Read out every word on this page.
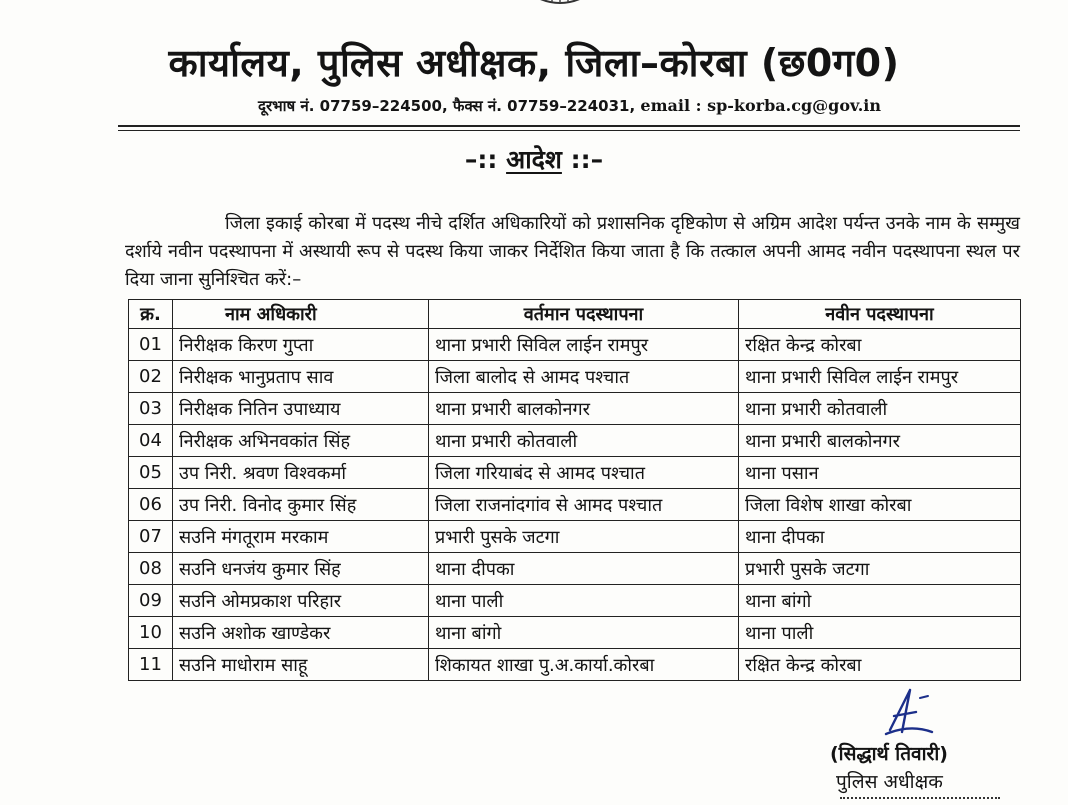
कार्यालय, पुलिस अधीक्षक, जिला–कोरबा (छ0ग0)
दूरभाष नं. 07759–224500, फैक्स नं. 07759–224031, email : sp-korba.cg@gov.in
–:: आदेश ::–
जिला इकाई कोरबा में पदस्थ नीचे दर्शित अधिकारियों को प्रशासनिक दृष्टिकोण से अग्रिम आदेश पर्यन्त उनके नाम के सम्मुख दर्शाये नवीन पदस्थापना में अस्थायी रूप से पदस्थ किया जाकर निर्देशित किया जाता है कि तत्काल अपनी आमद नवीन पदस्थापना स्थल पर दिया जाना सुनिश्चित करें:–
क्र.	नाम अधिकारी	वर्तमान पदस्थापना	नवीन पदस्थापना
01	निरीक्षक किरण गुप्ता	थाना प्रभारी सिविल लाईन रामपुर	रक्षित केन्द्र कोरबा
02	निरीक्षक भानुप्रताप साव	जिला बालोद से आमद पश्चात	थाना प्रभारी सिविल लाईन रामपुर
03	निरीक्षक नितिन उपाध्याय	थाना प्रभारी बालकोनगर	थाना प्रभारी कोतवाली
04	निरीक्षक अभिनवकांत सिंह	थाना प्रभारी कोतवाली	थाना प्रभारी बालकोनगर
05	उप निरी. श्रवण विश्वकर्मा	जिला गरियाबंद से आमद पश्चात	थाना पसान
06	उप निरी. विनोद कुमार सिंह	जिला राजनांदगांव से आमद पश्चात	जिला विशेष शाखा कोरबा
07	सउनि मंगतूराम मरकाम	प्रभारी पुसके जटगा	थाना दीपका
08	सउनि धनजंय कुमार सिंह	थाना दीपका	प्रभारी पुसके जटगा
09	सउनि ओमप्रकाश परिहार	थाना पाली	थाना बांगो
10	सउनि अशोक खाण्डेकर	थाना बांगो	थाना पाली
11	सउनि माधोराम साहू	शिकायत शाखा पु.अ.कार्या.कोरबा	रक्षित केन्द्र कोरबा
(सिद्धार्थ तिवारी)
पुलिस अधीक्षक
